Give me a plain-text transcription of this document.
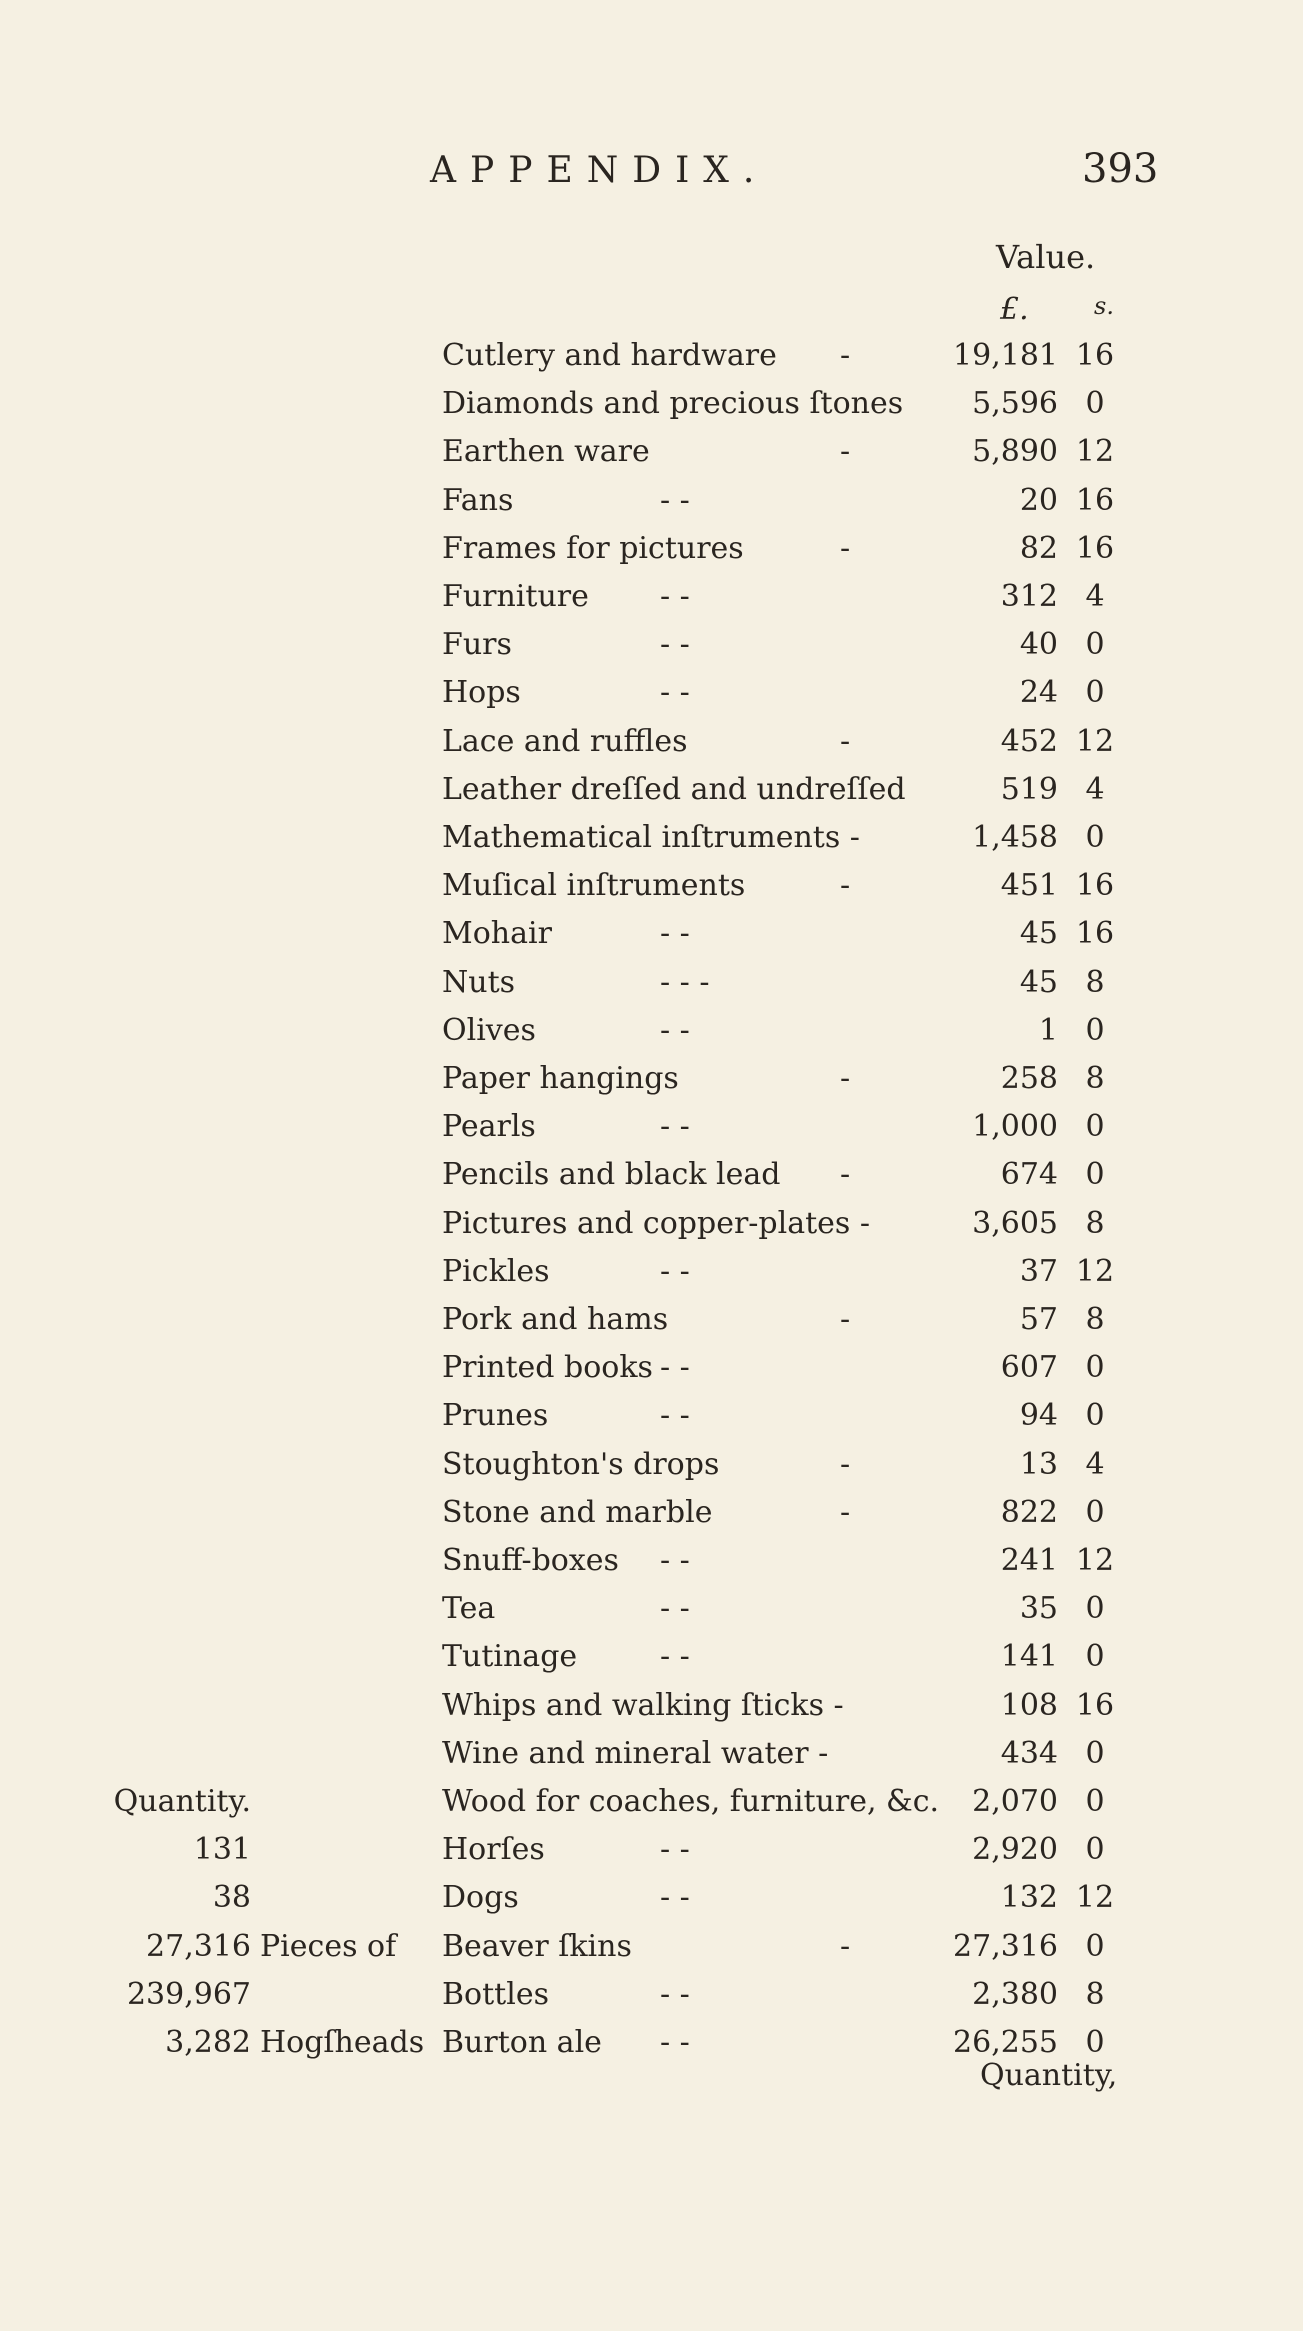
APPENDIX.	393
Value.
£.	s.
Cutlery and hardware -	19,181 16
Diamonds and precious ſtones 5,596 0
Earthen ware	-	5,890 12
Fans	- -	20 16
Frames for pictures	-	82 16
Furniture - -	312 4
Furs	- -	40 0
Hops	- -	24 0
Lace and ruffles	-	452 12
Leather dreſſed and undreſſed	519 4
Mathematical inſtruments -	1,458 0
Muſical inſtruments	-	451 16
Mohair	- -	45 16
Nuts	- - -	45 8
Olives	- -	1 0
Paper hangings	-	258 8
Pearls	- -	1,000 0
Pencils and black lead -	674 0
Pictures and copper-plates -	3,605 8
Pickles	- -	37 12
Pork and hams	-	57 8
Printed books - -	607 0
Prunes	- -	94 0
Stoughton's drops	-	13 4
Stone and marble	-	822 0
Snuff-boxes - -	241 12
Tea	- -	35 0
Tutinage	- -	141 0
Whips and walking ſticks -	108 16
Wine and mineral water -	434 0
Quantity.	Wood for coaches, furniture, &c. 2,070 0
131	Horſes	- -	2,920 0
38	Dogs	- -	132 12
27,316 Pieces of Beaver ſkins	-	27,316 0
239,967	Bottles	- -	2,380 8
3,282 Hogſheads Burton ale - -	26,255 0
Quantity,
